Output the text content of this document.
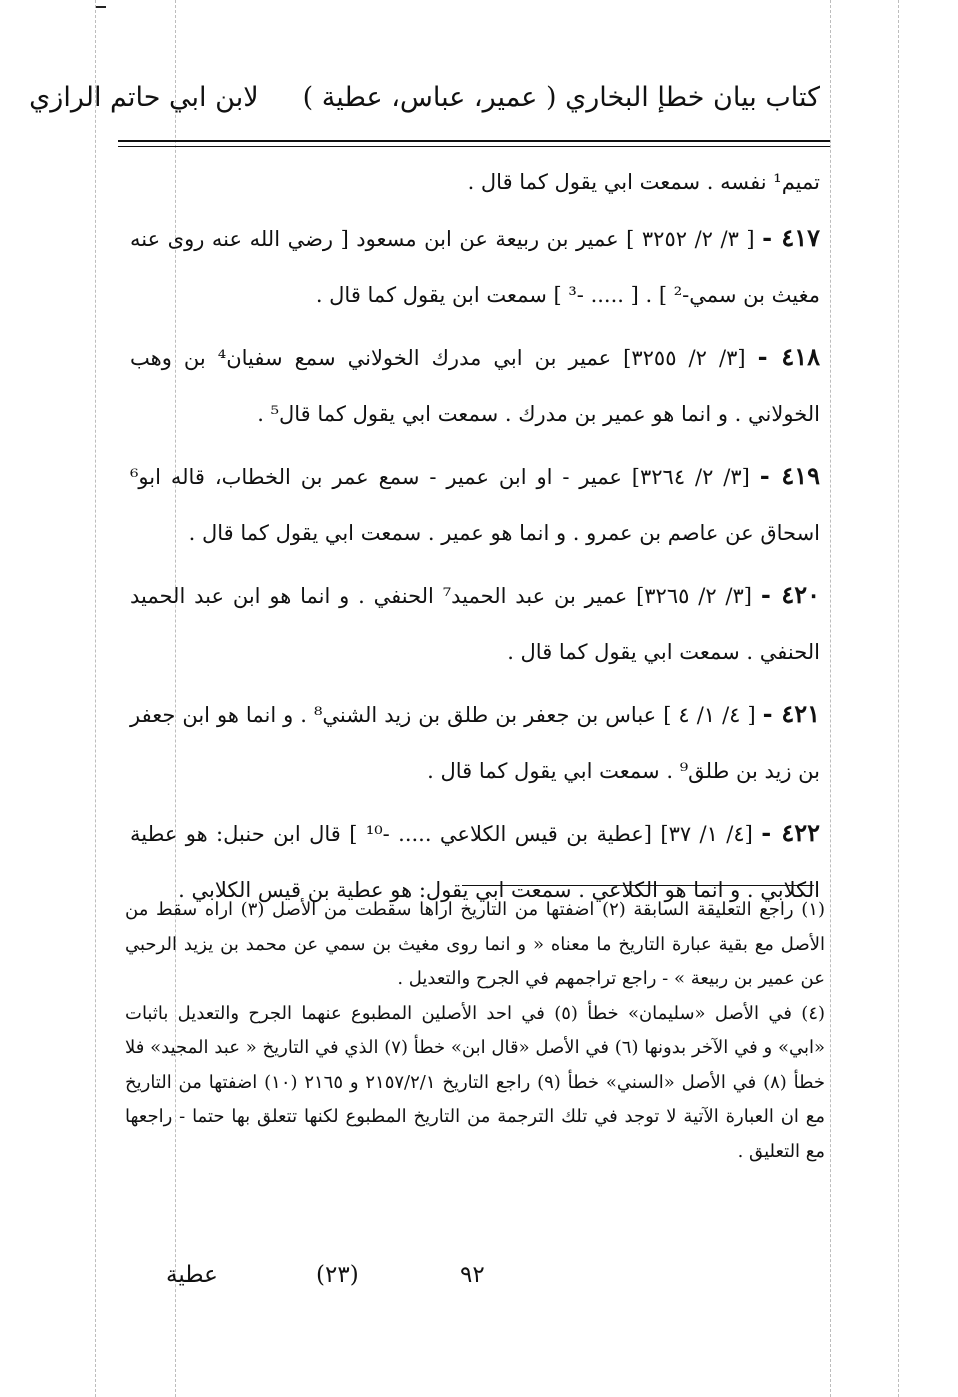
كتاب بيان خطإ البخاري ( عمير، عباس، عطية )لابن ابي حاتم الرازي

تميم¹ نفسه . سمعت ابي يقول كما قال .

٤١٧ - [ ٣/ ٢/ ٣٢٥٢ ] عمير بن ربيعة عن ابن مسعود [ رضي الله عنه روى عنه مغيث بن سمي-² ] . [ ..... -³ ] سمعت ابن يقول كما قال .

٤١٨ - [٣/ ٢/ ٣٢٥٥] عمير بن ابي مدرك الخولاني سمع سفيان⁴ بن وهب الخولاني . و انما هو عمير بن مدرك . سمعت ابي يقول كما قال⁵ .

٤١٩ - [٣/ ٢/ ٣٢٦٤] عمير - او ابن عمير - سمع عمر بن الخطاب، قاله ابو⁶ اسحاق عن عاصم بن عمرو . و انما هو عمير . سمعت ابي يقول كما قال .

٤٢٠ - [٣/ ٢/ ٣٢٦٥] عمير بن عبد الحميد⁷ الحنفي . و انما هو ابن عبد الحميد الحنفي . سمعت ابي يقول كما قال .

٤٢١ - [ ٤/ ١/ ٤ ] عباس بن جعفر بن طلق بن زيد الشني⁸ . و انما هو ابن جعفر بن زيد بن طلق⁹ . سمعت ابي يقول كما قال .

٤٢٢ - [٤/ ١/ ٣٧] [عطية بن قيس الكلاعي ..... -¹⁰ ] قال ابن حنبل: هو عطية الكلابي . و انما هو الكلاعي . سمعت ابي يقول: هو عطية بن قيس الكلابي .

(١) راجع التعليقة السابقة (٢) اضفتها من التاريخ اراها سقطت من الأصل (٣) اراه سقط من الأصل مع بقية عبارة التاريخ ما معناه « و انما روى مغيث بن سمي عن محمد بن يزيد الرحبي عن عمير بن ربيعة » - راجع تراجمهم في الجرح والتعديل .

(٤) في الأصل «سليمان» خطأ (٥) في احد الأصلين المطبوع عنهما الجرح والتعديل باثبات «ابي» و في الآخر بدونها (٦) في الأصل «قال ابن» خطأ (٧) الذي في التاريخ « عبد المجيد» فلا خطأ (٨) في الأصل «السني» خطأ (٩) راجع التاريخ ٢١٥٧/٢/١ و ٢١٦٥ (١٠) اضفتها من التاريخ مع ان العبارة الآتية لا توجد في تلك الترجمة من التاريخ المطبوع لكنها تتعلق بها حتما - راجعها مع التعليق .

٩٢
(٢٣)
عطية
